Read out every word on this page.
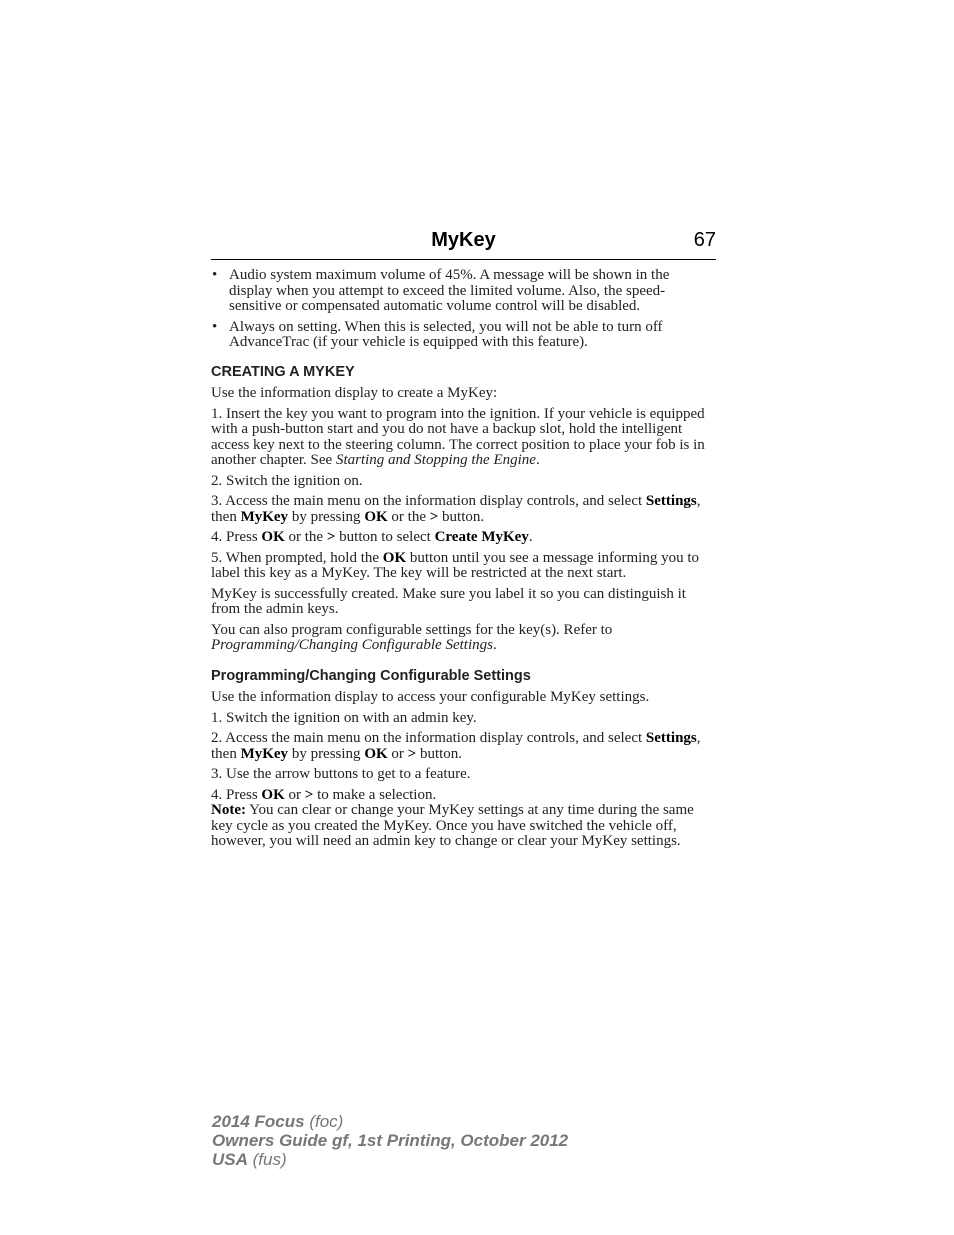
MyKey	67
• Audio system maximum volume of 45%. A message will be shown in the display when you attempt to exceed the limited volume. Also, the speed-sensitive or compensated automatic volume control will be disabled.
• Always on setting. When this is selected, you will not be able to turn off AdvanceTrac (if your vehicle is equipped with this feature).
CREATING A MYKEY

Use the information display to create a MyKey:

1. Insert the key you want to program into the ignition. If your vehicle is equipped with a push-button start and you do not have a backup slot, hold the intelligent access key next to the steering column. The correct position to place your fob is in another chapter. See Starting and Stopping the Engine.

2. Switch the ignition on.

3. Access the main menu on the information display controls, and select Settings, then MyKey by pressing OK or the > button.

4. Press OK or the > button to select Create MyKey.

5. When prompted, hold the OK button until you see a message informing you to label this key as a MyKey. The key will be restricted at the next start.

MyKey is successfully created. Make sure you label it so you can distinguish it from the admin keys.

You can also program configurable settings for the key(s). Refer to Programming/Changing Configurable Settings.

Programming/Changing Configurable Settings

Use the information display to access your configurable MyKey settings.

1. Switch the ignition on with an admin key.

2. Access the main menu on the information display controls, and select Settings, then MyKey by pressing OK or > button.

3. Use the arrow buttons to get to a feature.

4. Press OK or > to make a selection.

Note: You can clear or change your MyKey settings at any time during the same key cycle as you created the MyKey. Once you have switched the vehicle off, however, you will need an admin key to change or clear your MyKey settings.

2014 Focus (foc)
Owners Guide gf, 1st Printing, October 2012
USA (fus)
